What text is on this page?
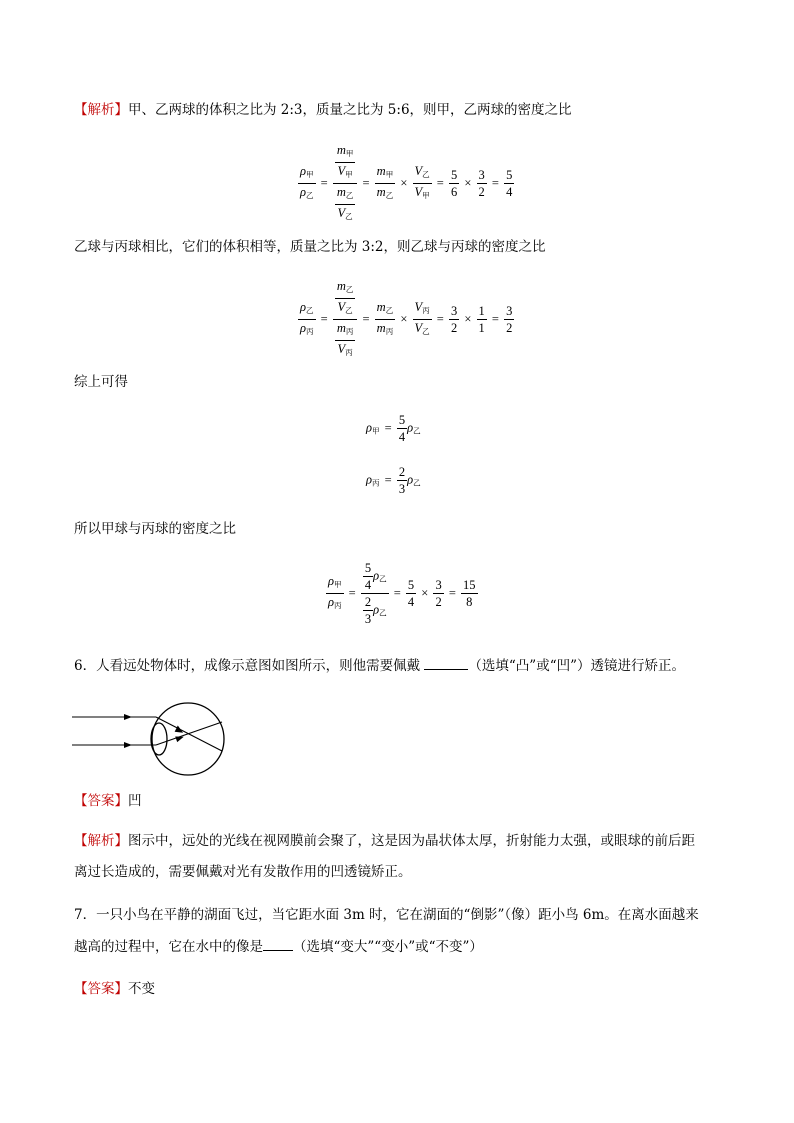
【解析】甲、乙两球的体积之比为 2:3，质量之比为 5:6，则甲，乙两球的密度之比
$\frac{\rho_甲}{\rho_乙} = \frac{\frac{m_甲}{V_甲}}{\frac{m_乙}{V_乙}} = \frac{m_甲}{m_乙} \times \frac{V_乙}{V_甲} = \frac{5}{6} \times \frac{3}{2} = \frac{5}{4}$
乙球与丙球相比，它们的体积相等，质量之比为 3:2，则乙球与丙球的密度之比
$\frac{\rho_乙}{\rho_丙} = \frac{\frac{m_乙}{V_乙}}{\frac{m_丙}{V_丙}} = \frac{m_乙}{m_丙} \times \frac{V_丙}{V_乙} = \frac{3}{2} \times \frac{1}{1} = \frac{3}{2}$
综上可得
$\rho_甲 = \frac{5}{4} \rho_乙$
$\rho_丙 = \frac{2}{3} \rho_乙$
所以甲球与丙球的密度之比
$\frac{\rho_甲}{\rho_丙} = \frac{\frac{5}{4} \rho_乙}{\frac{2}{3} \rho_乙} = \frac{5}{4} \times \frac{3}{2} = \frac{15}{8}$
6．人看远处物体时，成像示意图如图所示，则他需要佩戴	（选填“凸”或“凹”）透镜进行矫正。
【答案】凹
【解析】图示中，远处的光线在视网膜前会聚了，这是因为晶状体太厚，折射能力太强，或眼球的前后距
离过长造成的，需要佩戴对光有发散作用的凹透镜矫正。
7．一只小鸟在平静的湖面飞过，当它距水面 3m 时，它在湖面的“倒影”（像）距小鸟 6m。在离水面越来
越高的过程中，它在水中的像是 （选填“变大”“变小”或“不变”）
【答案】不变
